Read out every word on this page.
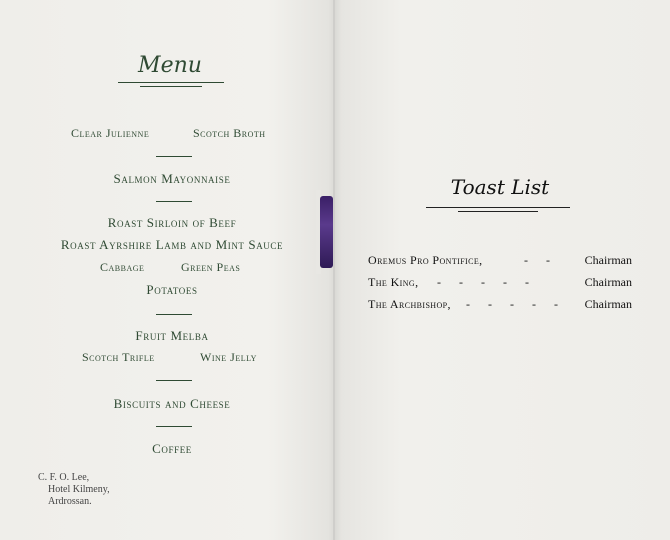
Menu
Clear Julienne	Scotch Broth
Salmon Mayonnaise
Roast Sirloin of Beef
Roast Ayrshire Lamb and Mint Sauce
Cabbage	Green Peas
Potatoes
Fruit Melba
Scotch Trifle	Wine Jelly
Biscuits and Cheese
Coffee
C. F. O. Lee,
Hotel Kilmeny,
Ardrossan.
Toast List
Oremus Pro Pontifice,	-      -	Chairman
The King, -      -      -      -      -	Chairman
The Archbishop, -      -      -      -      - Chairman
